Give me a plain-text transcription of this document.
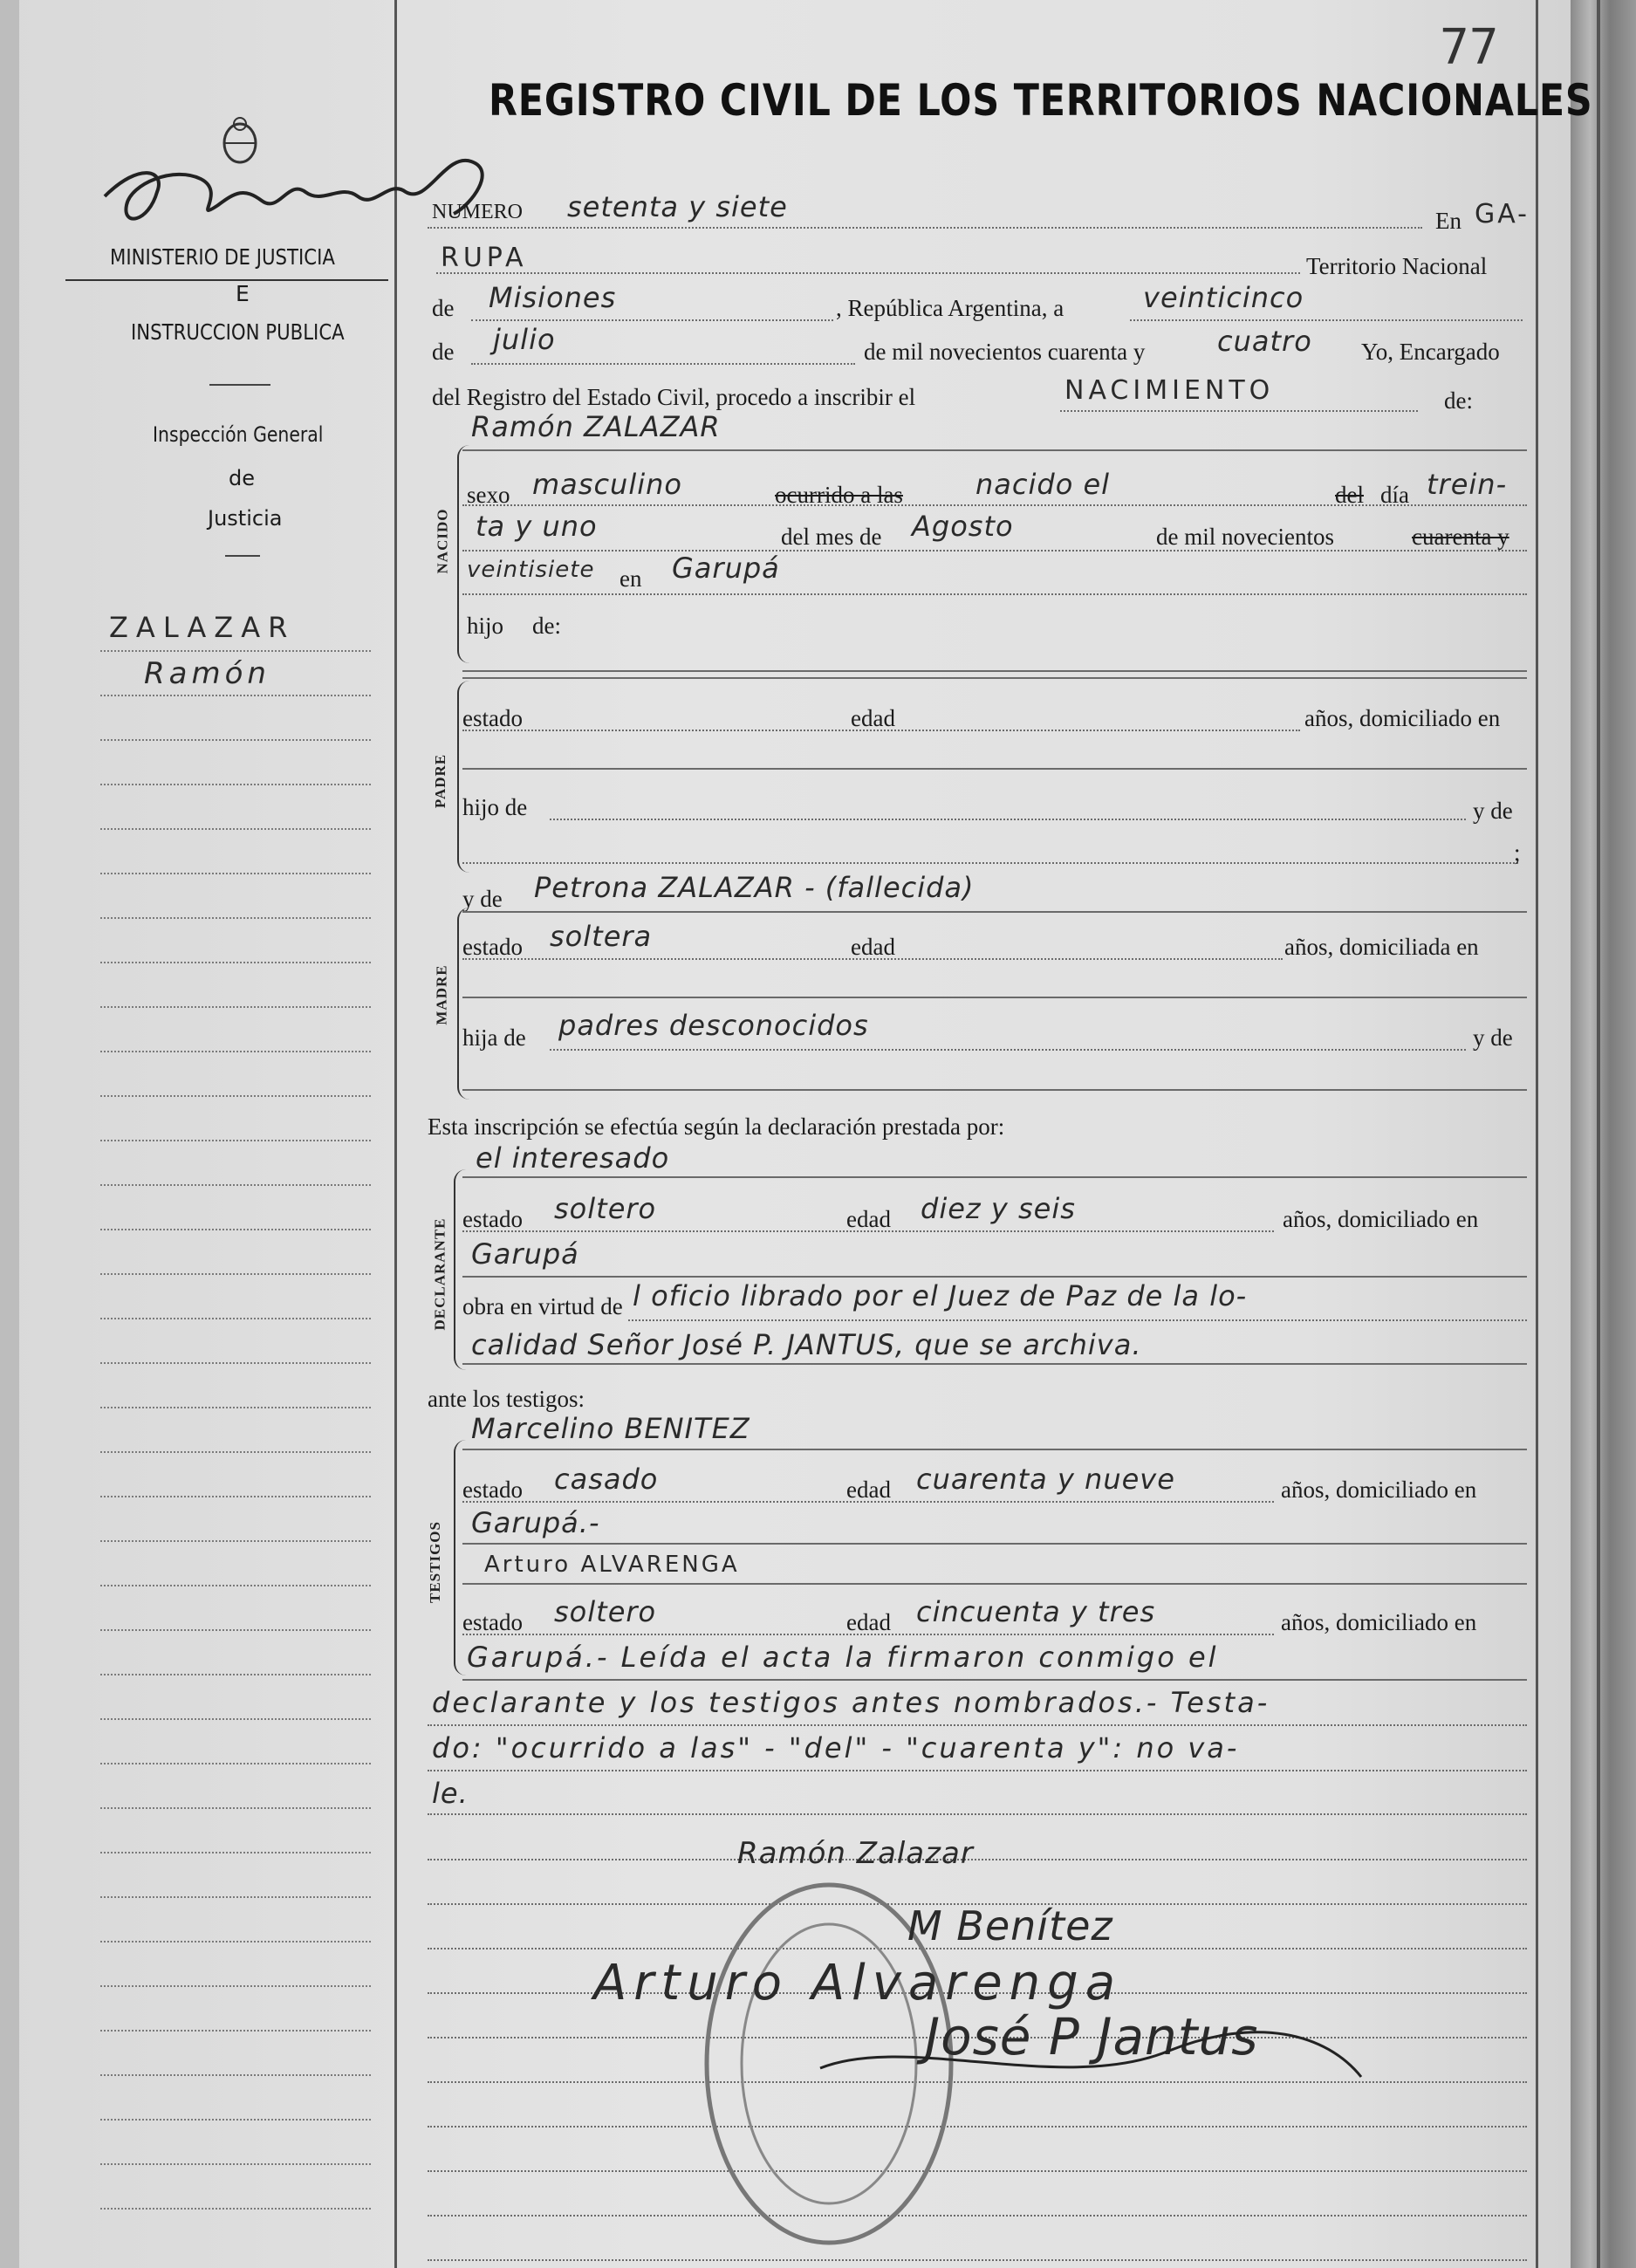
77
REGISTRO CIVIL DE LOS TERRITORIOS NACIONALES
MINISTERIO DE JUSTICIA
E
INSTRUCCION PUBLICA
Inspección General
de
Justicia
ZALAZAR
Ramón
NUMERO setenta y siete	En GA-
RUPA	Territorio Nacional
de Misiones	, República Argentina, a	veinticinco
de julio	de mil novecientos cuarenta y	cuatro Yo, Encargado
del Registro del Estado Civil, procedo a inscribir el	NACIMIENTO	de:
NACIDO
Ramón ZALAZAR
sexo masculino	ocurrido a las	nacido el	del día trein-
ta y uno	del mes de Agosto	de mil novecientos	cuarenta y
veintisiete en Garupá
hijo de:
PADRE
estado	edad	años, domiciliado en
hijo de	y de
;
MADRE
y de Petrona ZALAZAR - (fallecida)
estado soltera	edad	años, domiciliada en
hija de padres desconocidos	y de
Esta inscripción se efectúa según la declaración prestada por:
DECLARANTE
el interesado
estado soltero	edad diez y seis	años, domiciliado en
Garupá
obra en virtud de l oficio librado por el Juez de Paz de la lo-
calidad Señor José P. JANTUS, que se archiva.
ante los testigos:
TESTIGOS
Marcelino BENITEZ
estado casado	edad cuarenta y nueve	años, domiciliado en
Garupá.-
Arturo ALVARENGA
estado soltero	edad cincuenta y tres	años, domiciliado en
Garupá.- Leída el acta la firmaron conmigo el
declarante y los testigos antes nombrados.- Testa-
do: "ocurrido a las" - "del" - "cuarenta y": no va-
le.
Ramón Zalazar
M Benítez
Arturo Alvarenga
José P Jantus
